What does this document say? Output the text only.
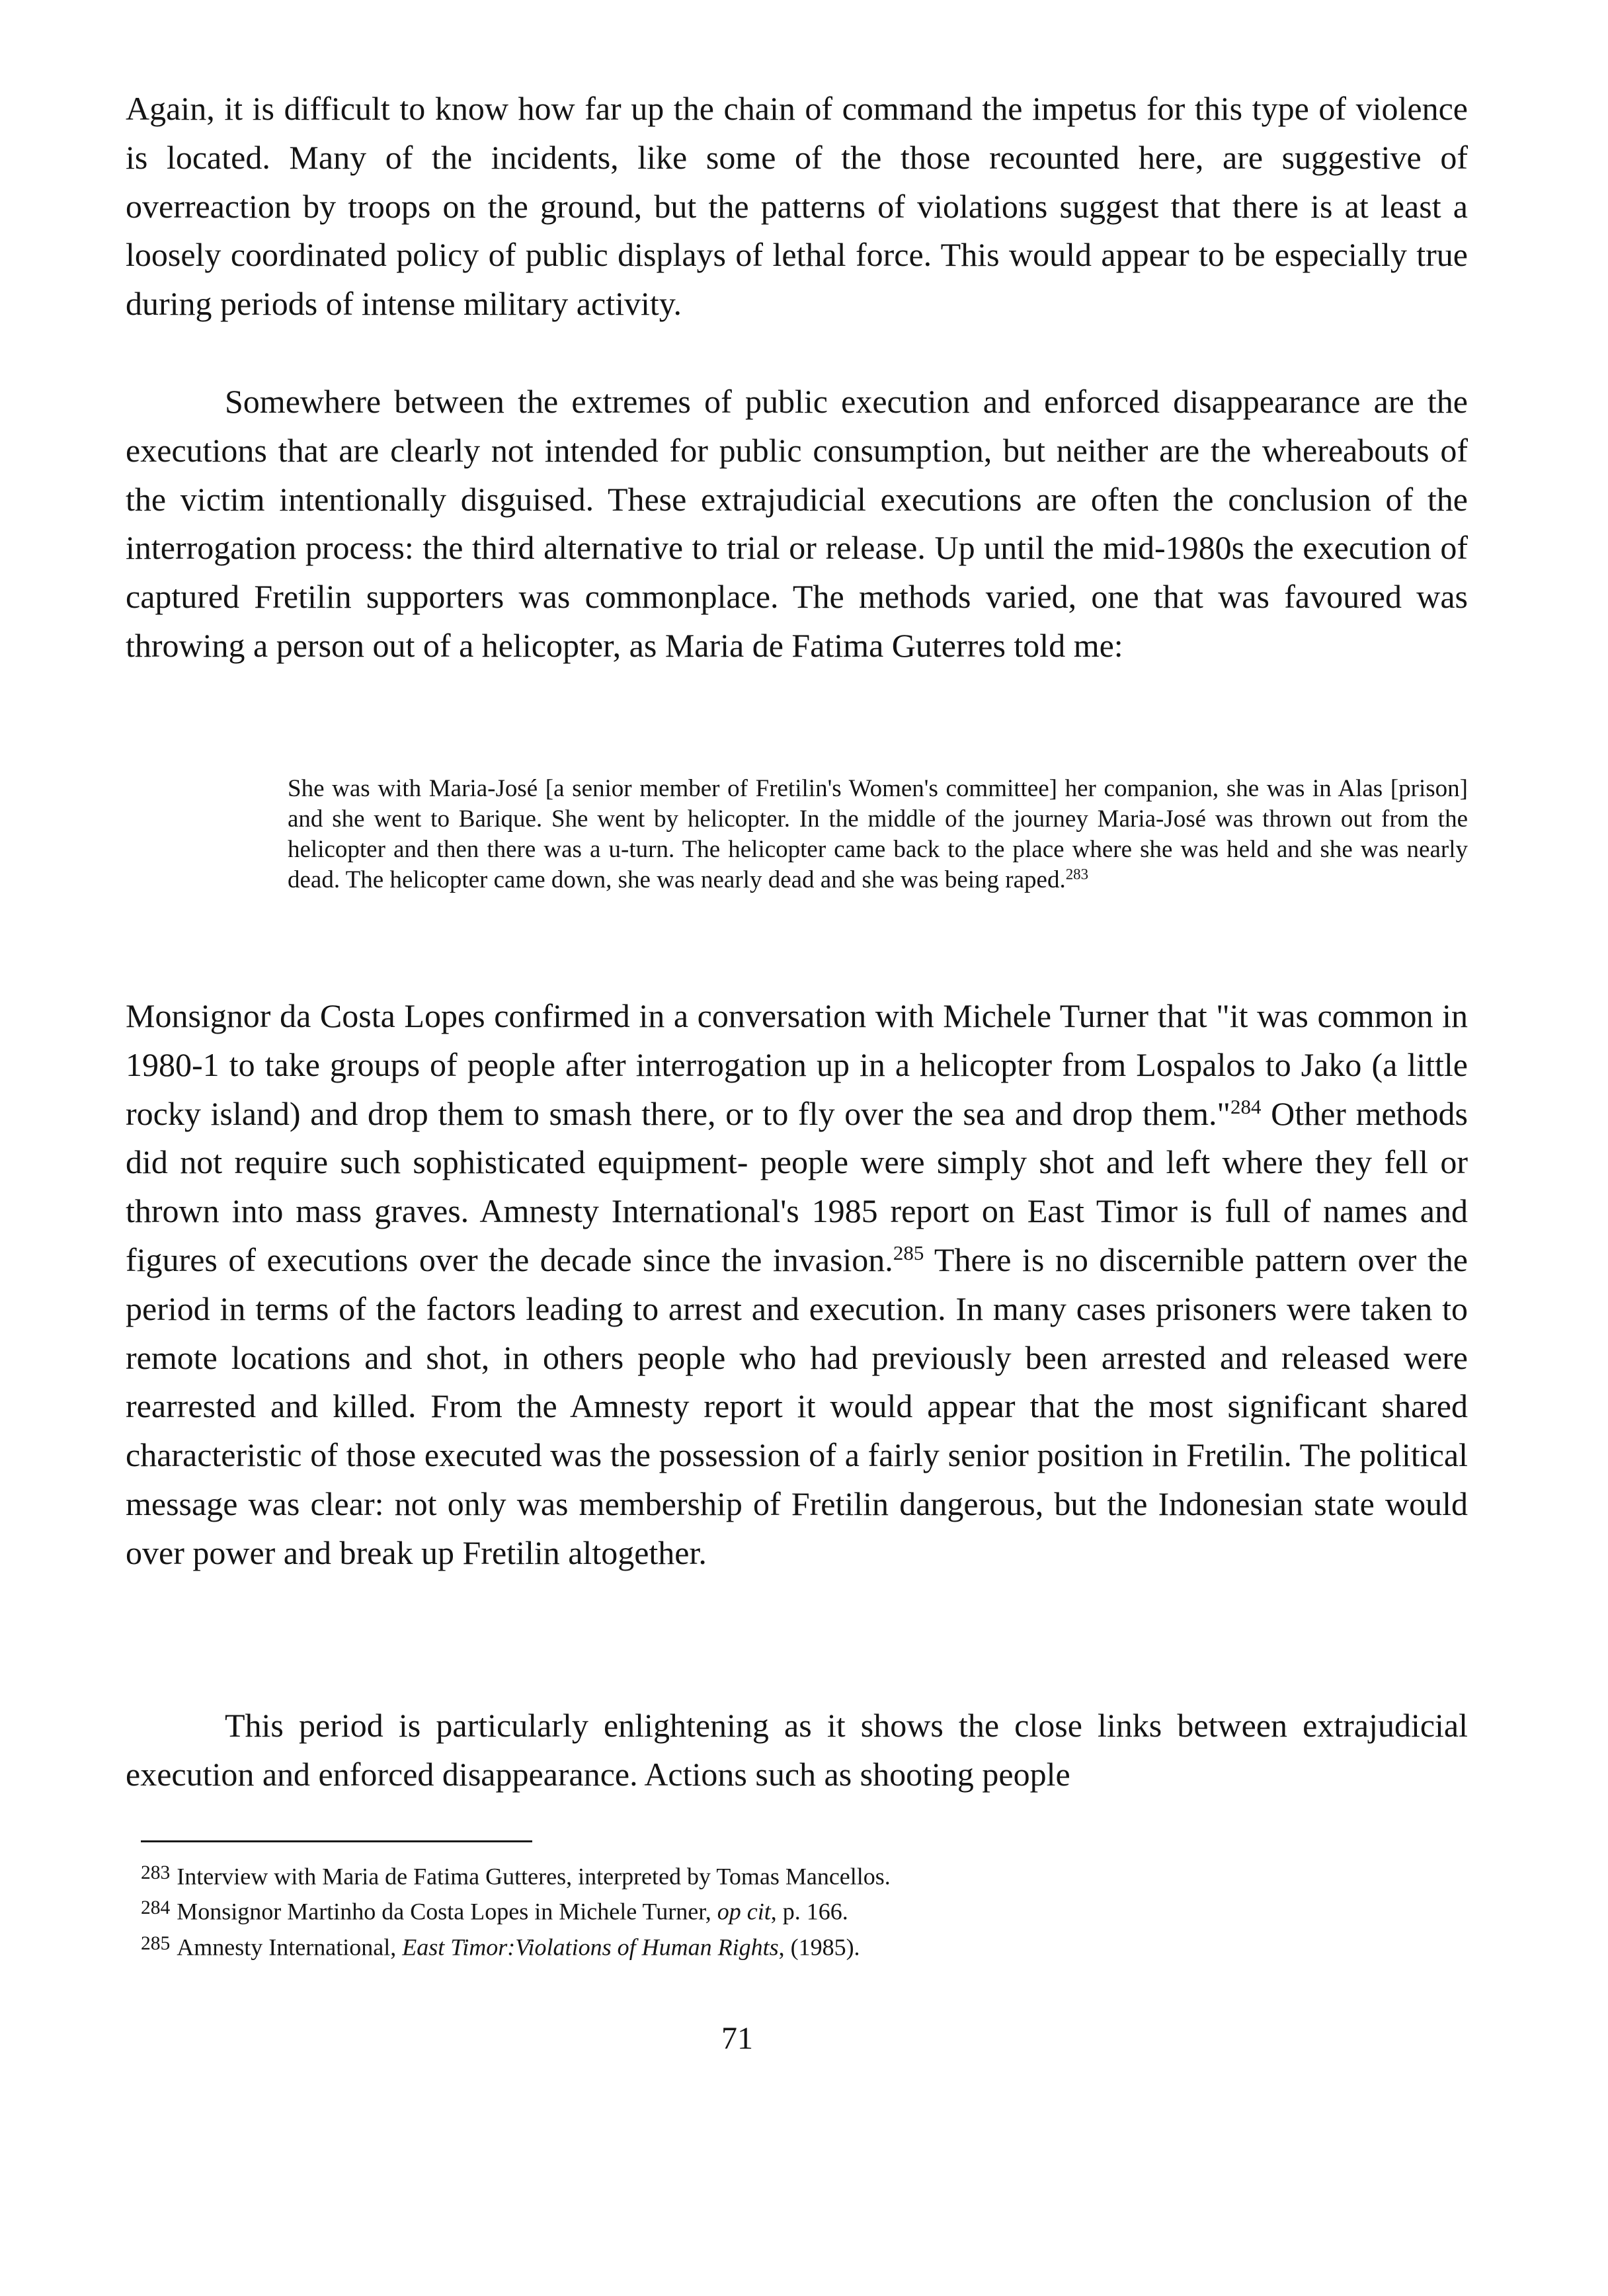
Again, it is difficult to know how far up the chain of command the impetus for this type of violence is located. Many of the incidents, like some of the those recounted here, are suggestive of overreaction by troops on the ground, but the patterns of violations suggest that there is at least a loosely coordinated policy of public displays of lethal force. This would appear to be especially true during periods of intense military activity.

Somewhere between the extremes of public execution and enforced disappearance are the executions that are clearly not intended for public consumption, but neither are the whereabouts of the victim intentionally disguised. These extrajudicial executions are often the conclusion of the interrogation process: the third alternative to trial or release. Up until the mid-1980s the execution of captured Fretilin supporters was commonplace. The methods varied, one that was favoured was throwing a person out of a helicopter, as Maria de Fatima Guterres told me:

She was with Maria-José [a senior member of Fretilin's Women's committee] her companion, she was in Alas [prison] and she went to Barique. She went by helicopter. In the middle of the journey Maria-José was thrown out from the helicopter and then there was a u-turn. The helicopter came back to the place where she was held and she was nearly dead. The helicopter came down, she was nearly dead and she was being raped.$^{283}$

Monsignor da Costa Lopes confirmed in a conversation with Michele Turner that "it was common in 1980-1 to take groups of people after interrogation up in a helicopter from Lospalos to Jako (a little rocky island) and drop them to smash there, or to fly over the sea and drop them."$^{284}$ Other methods did not require such sophisticated equipment- people were simply shot and left where they fell or thrown into mass graves. Amnesty International's 1985 report on East Timor is full of names and figures of executions over the decade since the invasion.$^{285}$ There is no discernible pattern over the period in terms of the factors leading to arrest and execution. In many cases prisoners were taken to remote locations and shot, in others people who had previously been arrested and released were rearrested and killed. From the Amnesty report it would appear that the most significant shared characteristic of those executed was the possession of a fairly senior position in Fretilin. The political message was clear: not only was membership of Fretilin dangerous, but the Indonesian state would over power and break up Fretilin altogether.

This period is particularly enlightening as it shows the close links between extrajudicial execution and enforced disappearance. Actions such as shooting people

$^{283}$ Interview with Maria de Fatima Gutteres, interpreted by Tomas Mancellos.

$^{284}$ Monsignor Martinho da Costa Lopes in Michele Turner, op cit, p. 166.

$^{285}$ Amnesty International, East Timor:Violations of Human Rights, (1985).

71
